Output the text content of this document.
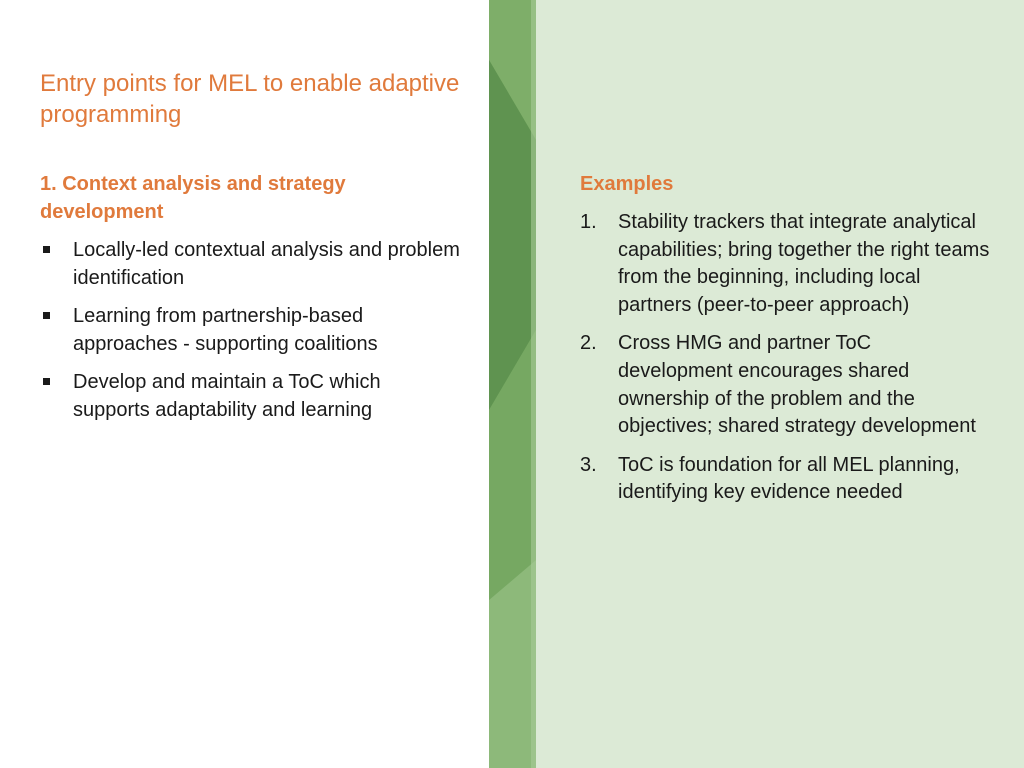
Entry points for MEL to enable adaptive programming
1. Context analysis and strategy development
Locally-led contextual analysis and problem identification
Learning from partnership-based approaches - supporting coalitions
Develop and maintain a ToC which supports adaptability and learning
Examples
1. Stability trackers that integrate analytical capabilities; bring together the right teams from the beginning, including local partners (peer-to-peer approach)
2. Cross HMG and partner ToC development encourages shared ownership of the problem and the objectives; shared strategy development
3. ToC is foundation for all MEL planning, identifying key evidence needed
